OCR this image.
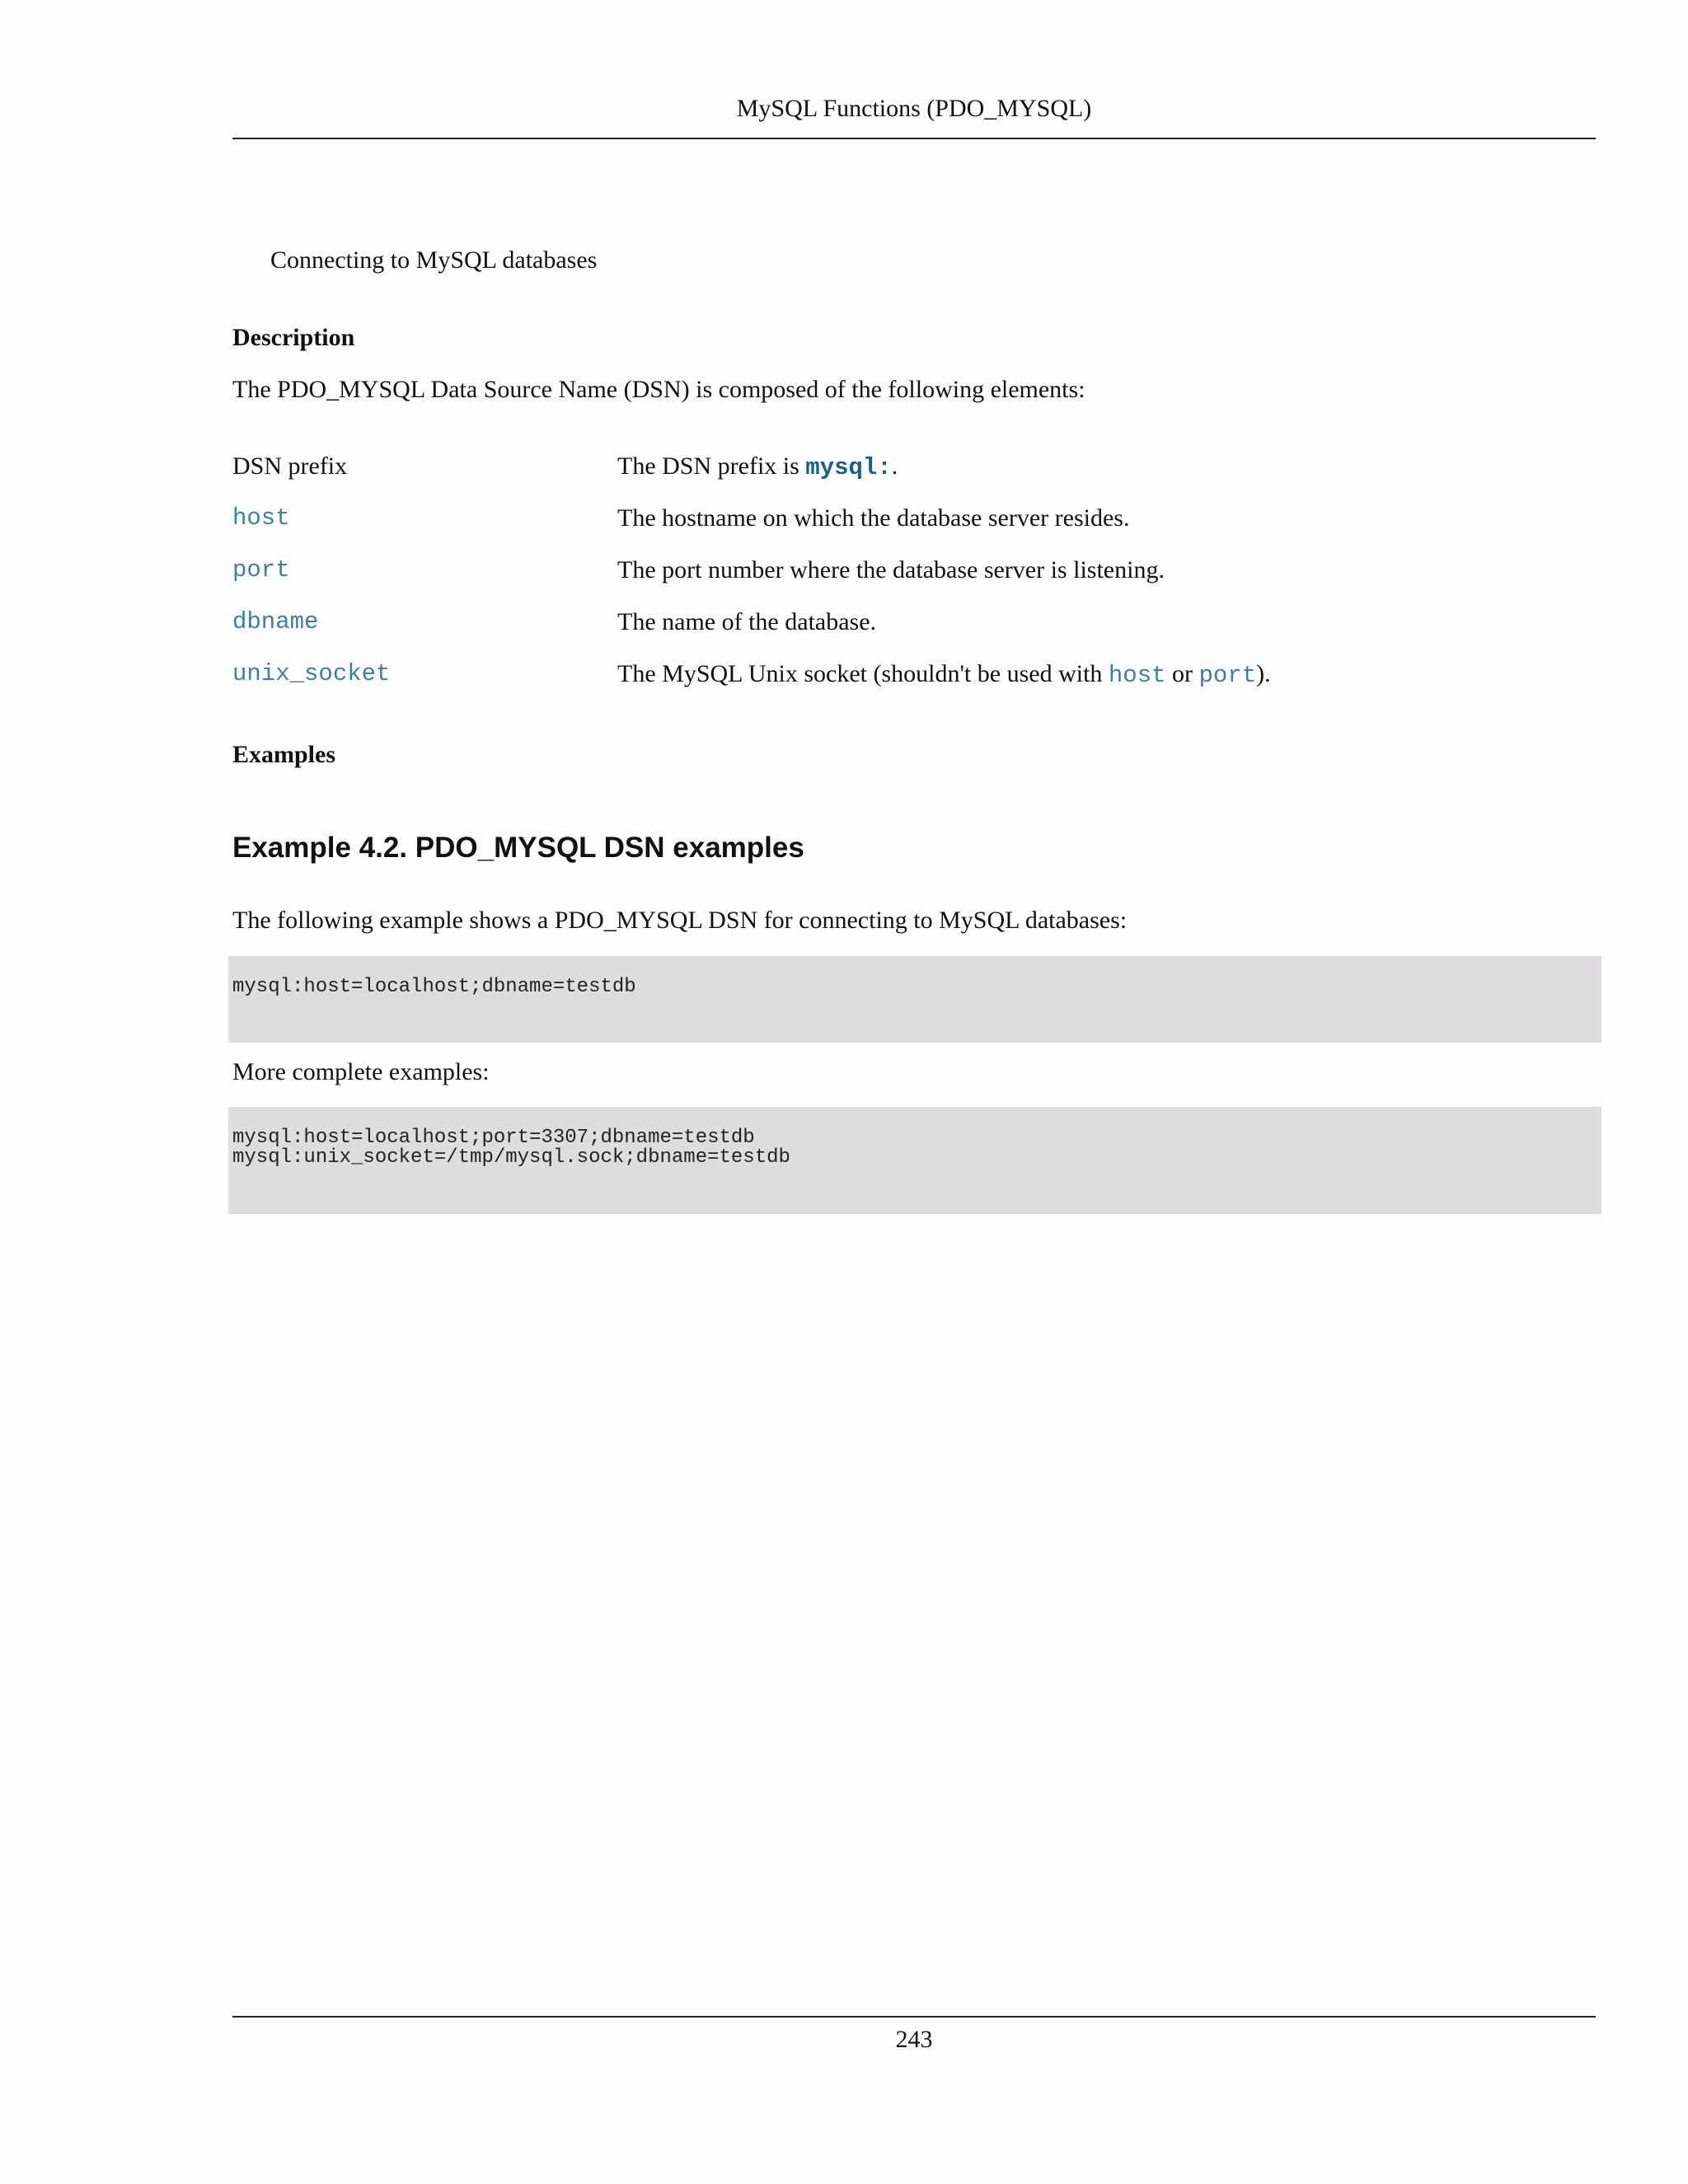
MySQL Functions (PDO_MYSQL)
Connecting to MySQL databases
Description
The PDO_MYSQL Data Source Name (DSN) is composed of the following elements:
DSN prefix	The DSN prefix is mysql:.
host	The hostname on which the database server resides.
port	The port number where the database server is listening.
dbname	The name of the database.
unix_socket	The MySQL Unix socket (shouldn't be used with host or port).
Examples
Example 4.2. PDO_MYSQL DSN examples
The following example shows a PDO_MYSQL DSN for connecting to MySQL databases:
mysql:host=localhost;dbname=testdb
More complete examples:
mysql:host=localhost;port=3307;dbname=testdb
mysql:unix_socket=/tmp/mysql.sock;dbname=testdb
243
